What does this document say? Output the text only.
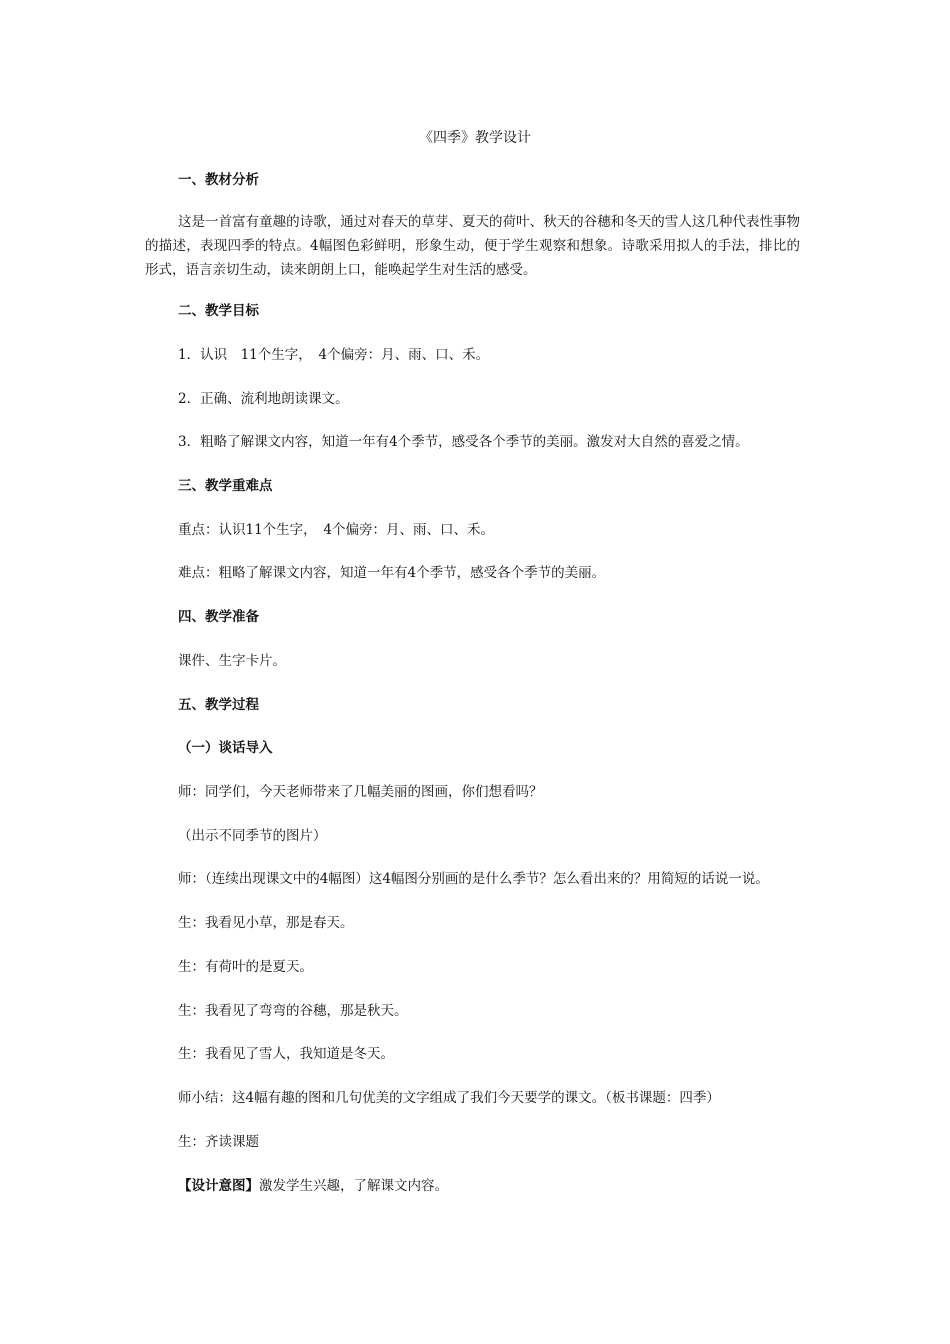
《四季》教学设计
一、教材分析
这是一首富有童趣的诗歌，通过对春天的草芽、夏天的荷叶、秋天的谷穗和冬天的雪人这几种代表性事物的描述，表现四季的特点。4幅图色彩鲜明，形象生动，便于学生观察和想象。诗歌采用拟人的手法，排比的形式，语言亲切生动，读来朗朗上口，能唤起学生对生活的感受。
二、教学目标
1．认识　11个生字，　4个偏旁：月、雨、口、禾。
2．正确、流利地朗读课文。
3．粗略了解课文内容，知道一年有4个季节，感受各个季节的美丽。激发对大自然的喜爱之情。
三、教学重难点
重点：认识11个生字，　4个偏旁：月、雨、口、禾。
难点：粗略了解课文内容，知道一年有4个季节，感受各个季节的美丽。
四、教学准备
课件、生字卡片。
五、教学过程
（一）谈话导入
师：同学们，今天老师带来了几幅美丽的图画，你们想看吗？
（出示不同季节的图片）
师：（连续出现课文中的4幅图）这4幅图分别画的是什么季节？怎么看出来的？用简短的话说一说。
生：我看见小草，那是春天。
生：有荷叶的是夏天。
生：我看见了弯弯的谷穗，那是秋天。
生：我看见了雪人，我知道是冬天。
师小结：这4幅有趣的图和几句优美的文字组成了我们今天要学的课文。（板书课题：四季）
生：齐读课题
【设计意图】激发学生兴趣，了解课文内容。
